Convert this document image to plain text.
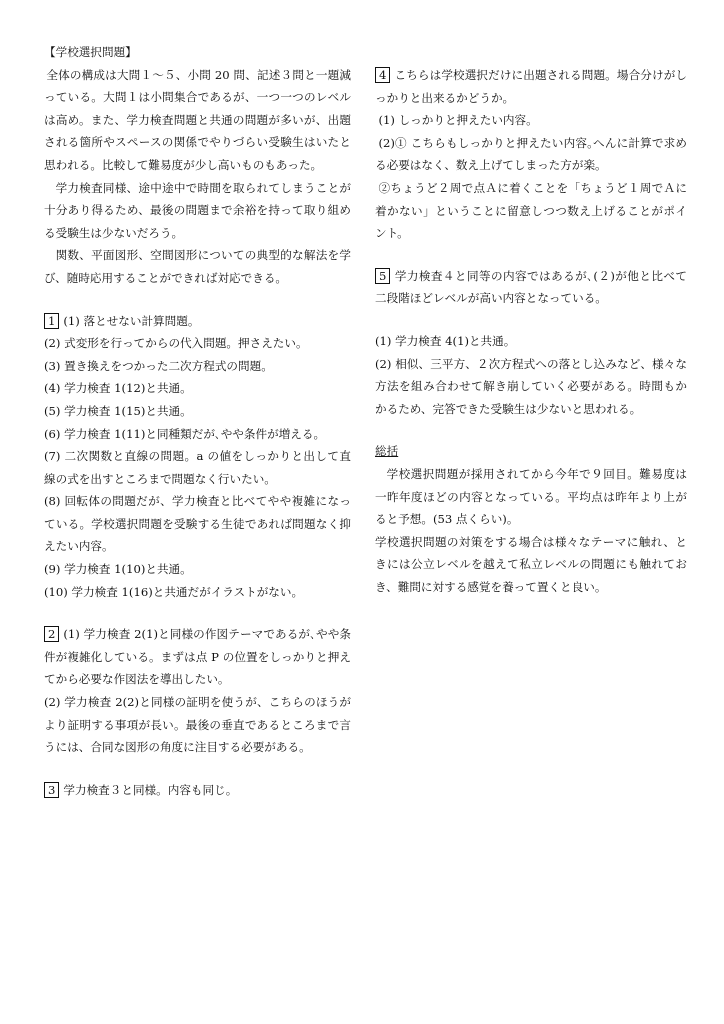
【学校選択問題】

全体の構成は大問１～５、小問 20 問、記述３問と一題減っている。大問１は小問集合であるが、一つ一つのレベルは高め。また、学力検査問題と共通の問題が多いが、出題される箇所やスペースの関係でやりづらい受験生はいたと思われる。比較して難易度が少し高いものもあった。

学力検査同様、途中途中で時間を取られてしまうことが十分あり得るため、最後の問題まで余裕を持って取り組める受験生は少ないだろう。

関数、平面図形、空間図形についての典型的な解法を学び、随時応用することができれば対応できる。

1 (1) 落とせない計算問題。

(2) 式変形を行ってからの代入問題。押さえたい。

(3) 置き換えをつかった二次方程式の問題。

(4) 学力検査 1(12)と共通。

(5) 学力検査 1(15)と共通。

(6) 学力検査 1(11)と同種類だが､やや条件が増える。

(7) 二次関数と直線の問題。a の値をしっかりと出して直線の式を出すところまで問題なく行いたい。

(8) 回転体の問題だが、学力検査と比べてやや複雑になっている。学校選択問題を受験する生徒であれば問題なく抑えたい内容。

(9) 学力検査 1(10)と共通。

(10) 学力検査 1(16)と共通だがイラストがない。

2 (1) 学力検査 2(1)と同様の作図テーマであるが､やや条件が複雑化している。まずは点 P の位置をしっかりと押えてから必要な作図法を導出したい。

(2) 学力検査 2(2)と同様の証明を使うが、こちらのほうがより証明する事項が長い。最後の垂直であるところまで言うには、合同な図形の角度に注目する必要がある。

3 学力検査３と同様。内容も同じ。

4 こちらは学校選択だけに出題される問題。場合分けがしっかりと出来るかどうか。

(1) しっかりと押えたい内容。

(2)① こちらもしっかりと押えたい内容｡へんに計算で求める必要はなく、数え上げてしまった方が楽。

②ちょうど２周で点Ａに着くことを「ちょうど１周でＡに着かない」ということに留意しつつ数え上げることがポイント。

5 学力検査４と同等の内容ではあるが､(２)が他と比べて二段階ほどレベルが高い内容となっている。

(1) 学力検査 4(1)と共通。

(2) 相似、三平方、２次方程式への落とし込みなど、様々な方法を組み合わせて解き崩していく必要がある。時間もかかるため、完答できた受験生は少ないと思われる。

総括

学校選択問題が採用されてから今年で９回目。難易度は一昨年度ほどの内容となっている。平均点は昨年より上がると予想。(53 点くらい)。

学校選択問題の対策をする場合は様々なテーマに触れ、ときには公立レベルを越えて私立レベルの問題にも触れておき、難問に対する感覚を養って置くと良い。
